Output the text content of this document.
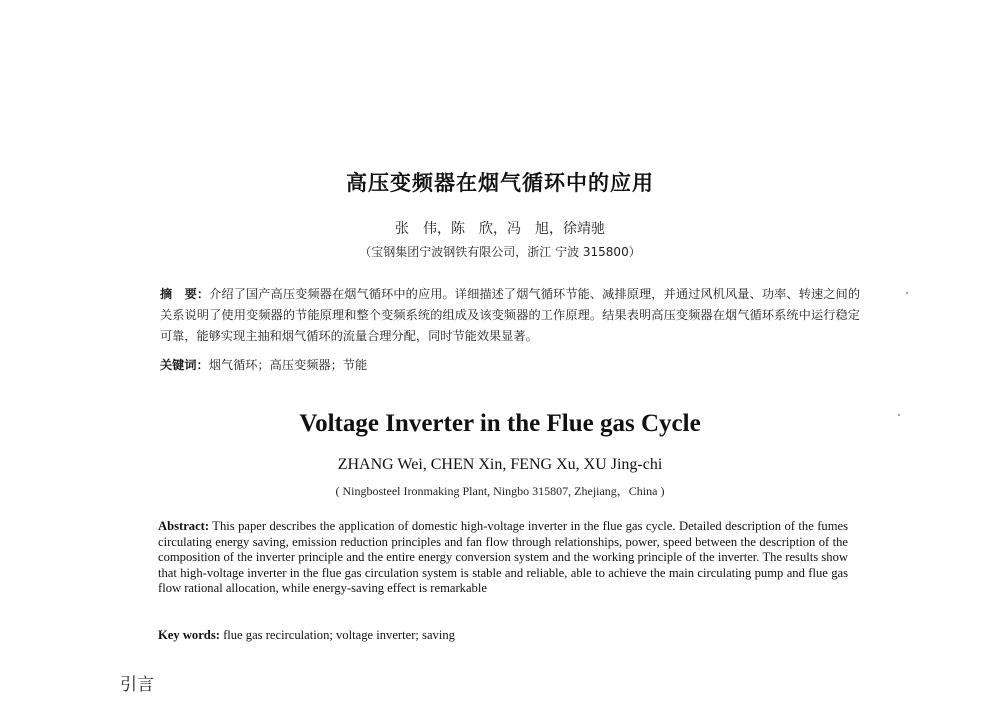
高压变频器在烟气循环中的应用
张　伟，陈　欣，冯　旭，徐靖驰
（宝钢集团宁波钢铁有限公司，浙江 宁波 315800）
摘　要：介绍了国产高压变频器在烟气循环中的应用。详细描述了烟气循环节能、减排原理，并通过风机风量、功率、转速之间的关系说明了使用变频器的节能原理和整个变频系统的组成及该变频器的工作原理。结果表明高压变频器在烟气循环系统中运行稳定可靠，能够实现主抽和烟气循环的流量合理分配，同时节能效果显著。
关键词：烟气循环；高压变频器；节能
Voltage Inverter in the Flue gas Cycle
ZHANG Wei, CHEN Xin, FENG Xu, XU Jing-chi
( Ningbosteel Ironmaking Plant, Ningbo 315807, Zhejiang，China )
Abstract: This paper describes the application of domestic high-voltage inverter in the flue gas cycle. Detailed description of the fumes circulating energy saving, emission reduction principles and fan flow through relationships, power, speed between the description of the composition of the inverter principle and the entire energy conversion system and the working principle of the inverter. The results show that high-voltage inverter in the flue gas circulation system is stable and reliable, able to achieve the main circulating pump and flue gas flow rational allocation, while energy-saving effect is remarkable
Key words: flue gas recirculation; voltage inverter; saving
引言
